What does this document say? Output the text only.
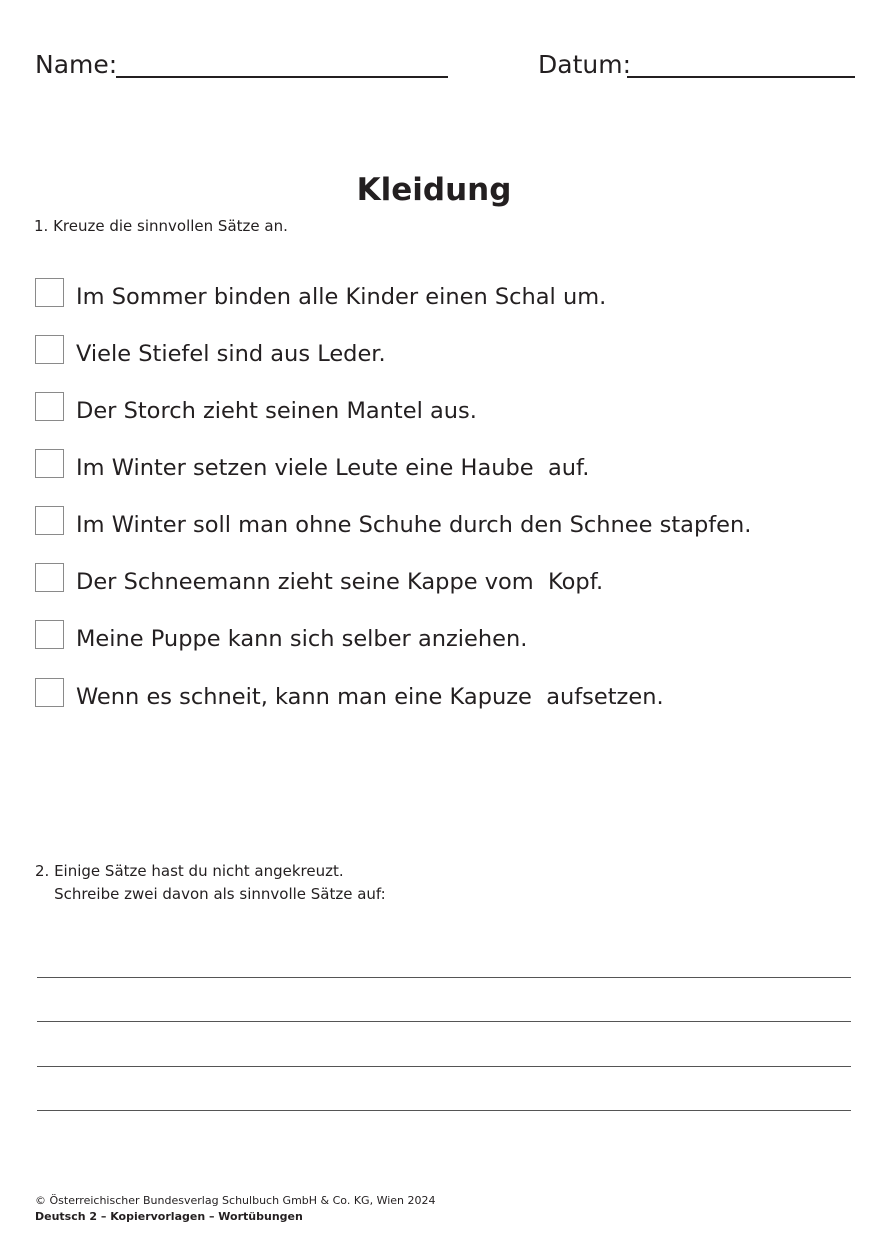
Name:	Datum:
Kleidung
1. Kreuze die sinnvollen Sätze an.
Im Sommer binden alle Kinder einen Schal um.
Viele Stiefel sind aus Leder.
Der Storch zieht seinen Mantel aus.
Im Winter setzen viele Leute eine Haube  auf.
Im Winter soll man ohne Schuhe durch den Schnee stapfen.
Der Schneemann zieht seine Kappe vom  Kopf.
Meine Puppe kann sich selber anziehen.
Wenn es schneit, kann man eine Kapuze  aufsetzen.
2. Einige Sätze hast du nicht angekreuzt.
Schreibe zwei davon als sinnvolle Sätze auf:
© Österreichischer Bundesverlag Schulbuch GmbH & Co. KG, Wien 2024
Deutsch 2 – Kopiervorlagen – Wortübungen
